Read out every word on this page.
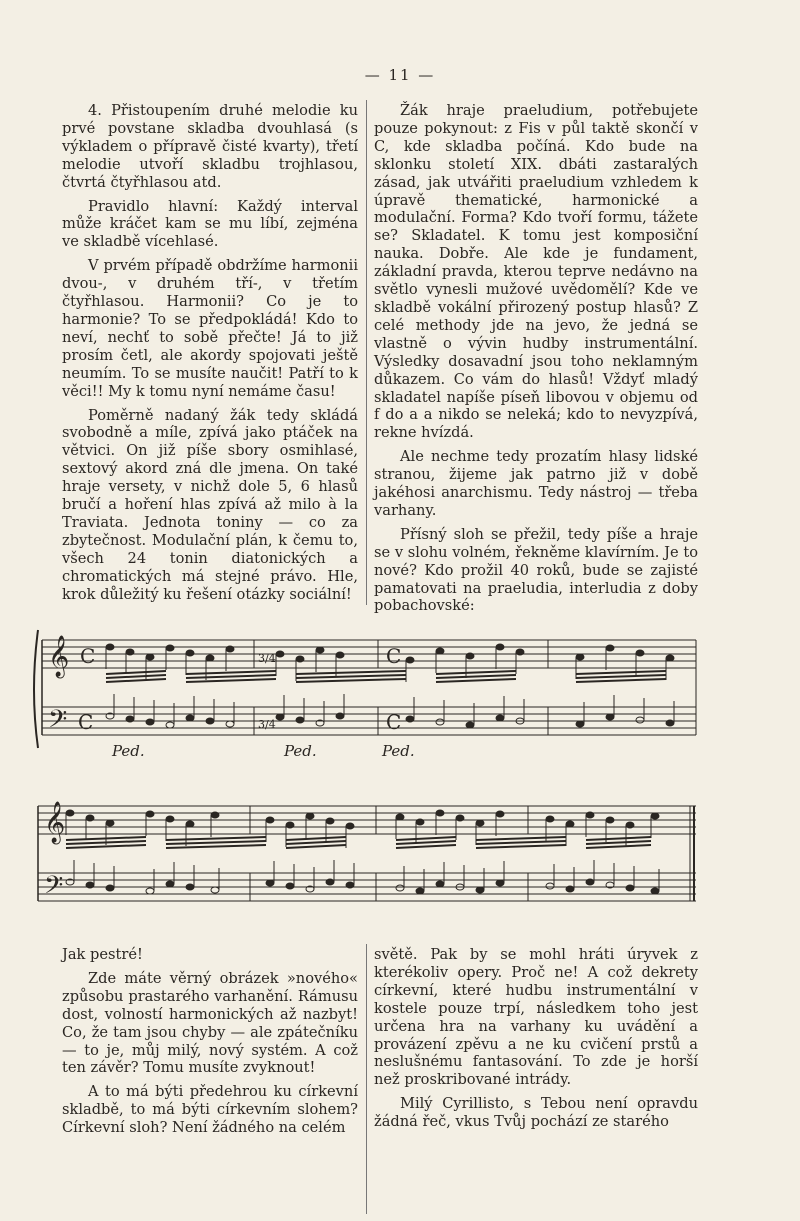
— 11 —

4. Přistoupením druhé melodie ku prvé povstane skladba dvouhlasá (s výkladem o přípravě čisté kvarty), třetí melodie utvoří skladbu trojhlasou, čtvrtá čtyřhlasou atd.

Pravidlo hlavní: Každý interval může kráčet kam se mu líbí, zejména ve skladbě vícehlasé.

V prvém případě obdržíme harmonii dvou-, v druhém tří-, v třetím čtyřhlasou. Harmonii? Co je to harmonie? To se předpokládá! Kdo to neví, nechť to sobě přečte! Já to již prosím četl, ale akordy spojovati ještě neumím. To se musíte naučit! Patří to k věci!! My k tomu nyní nemáme času!

Poměrně nadaný žák tedy skládá svobodně a míle, zpívá jako ptáček na větvici. On již píše sbory osmihlasé, sextový akord zná dle jmena. On také hraje versety, v nichž dole 5, 6 hlasů bručí a hoření hlas zpívá až milo à la Traviata. Jednota toniny — co za zbytečnost. Modulační plán, k čemu to, všech 24 tonin diatonických a chromatických má stejné právo. Hle, krok důležitý ku řešení otázky sociální!

Žák hraje praeludium, potřebujete pouze pokynout: z Fis v půl taktě skončí v C, kde skladba počíná. Kdo bude na sklonku století XIX. dbáti zastaralých zásad, jak utvářiti praeludium vzhledem k úpravě thematické, harmonické a modulační. Forma? Kdo tvoří formu, tážete se? Skladatel. K tomu jest komposiční nauka. Dobře. Ale kde je fundament, základní pravda, kterou teprve nedávno na světlo vynesli mužové uvědomělí? Kde ve skladbě vokální přirozený postup hlasů? Z celé methody jde na jevo, že jedná se vlastně o vývin hudby instrumentální. Výsledky dosavadní jsou toho neklamným důkazem. Co vám do hlasů! Vždyť mladý skladatel napíše píseň libovou v objemu od f do a a nikdo se neleká; kdo to nevyzpívá, rekne hvízdá.

Ale nechme tedy prozatím hlasy lidské stranou, žijeme jak patrno již v době jakéhosi anarchismu. Tedy nástroj — třeba varhany.

Přísný sloh se přežil, tedy píše a hraje se v slohu volném, řekněme klavírním. Je to nové? Kdo prožil 40 roků, bude se zajisté pamatovati na praeludia, interludia z doby pobachovské:

𝄞
𝄢
𝄞
𝄢
C
C
C
C
3/4
3/4
Ped.	Ped.	Ped.

Jak pestré!

Zde máte věrný obrázek »nového« způsobu prastarého varhanění. Rámusu dost, volností harmonických až nazbyt! Co, že tam jsou chyby — ale zpátečníku — to je, můj milý, nový systém. A což ten závěr? Tomu musíte zvyknout!

A to má býti předehrou ku církevní skladbě, to má býti církevním slohem? Církevní sloh? Není žádného na celém

světě. Pak by se mohl hráti úryvek z kterékoliv opery. Proč ne! A což dekrety církevní, které hudbu instrumentální v kostele pouze trpí, následkem toho jest určena hra na varhany ku uvádění a provázení zpěvu a ne ku cvičení prstů a neslušnému fantasování. To zde je horší než proskribované intrády.

Milý Cyrillisto, s Tebou není opravdu žádná řeč, vkus Tvůj pochází ze starého
